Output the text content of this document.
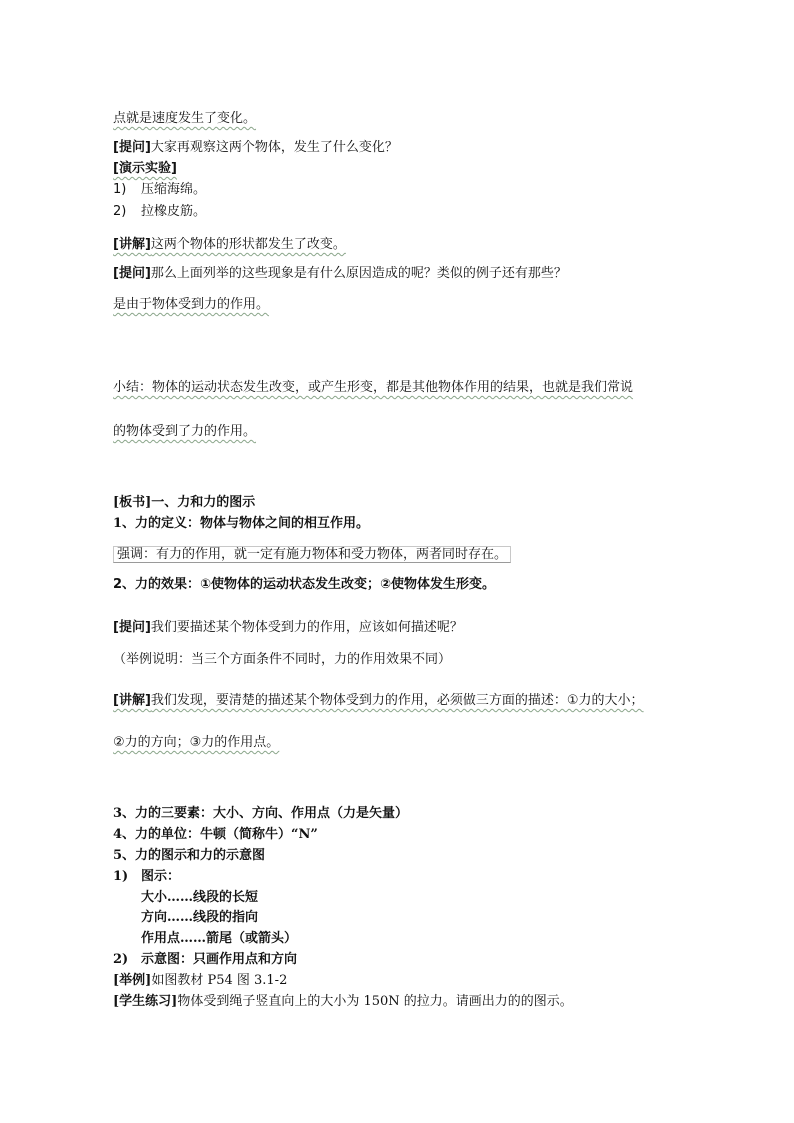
点就是速度发生了变化。
[提问]大家再观察这两个物体，发生了什么变化？
[演示实验]
1) 压缩海绵。
2) 拉橡皮筋。
[讲解]这两个物体的形状都发生了改变。
[提问]那么上面列举的这些现象是有什么原因造成的呢？类似的例子还有那些？
是由于物体受到力的作用。
小结：物体的运动状态发生改变，或产生形变，都是其他物体作用的结果，也就是我们常说
的物体受到了力的作用。
[板书]一、力和力的图示
1、力的定义：物体与物体之间的相互作用。
强调：有力的作用，就一定有施力物体和受力物体，两者同时存在。
2、力的效果：①使物体的运动状态发生改变；②使物体发生形变。
[提问]我们要描述某个物体受到力的作用，应该如何描述呢？
（举例说明：当三个方面条件不同时，力的作用效果不同）
[讲解]我们发现，要清楚的描述某个物体受到力的作用，必须做三方面的描述：①力的大小；
②力的方向；③力的作用点。
3、力的三要素：大小、方向、作用点（力是矢量）
4、力的单位：牛顿（简称牛）“N”
5、力的图示和力的示意图
1) 图示：
大小……线段的长短
方向……线段的指向
作用点……箭尾（或箭头）
2) 示意图：只画作用点和方向
[举例]如图教材 P54 图 3.1-2
[学生练习]物体受到绳子竖直向上的大小为 150N 的拉力。请画出力的的图示。
